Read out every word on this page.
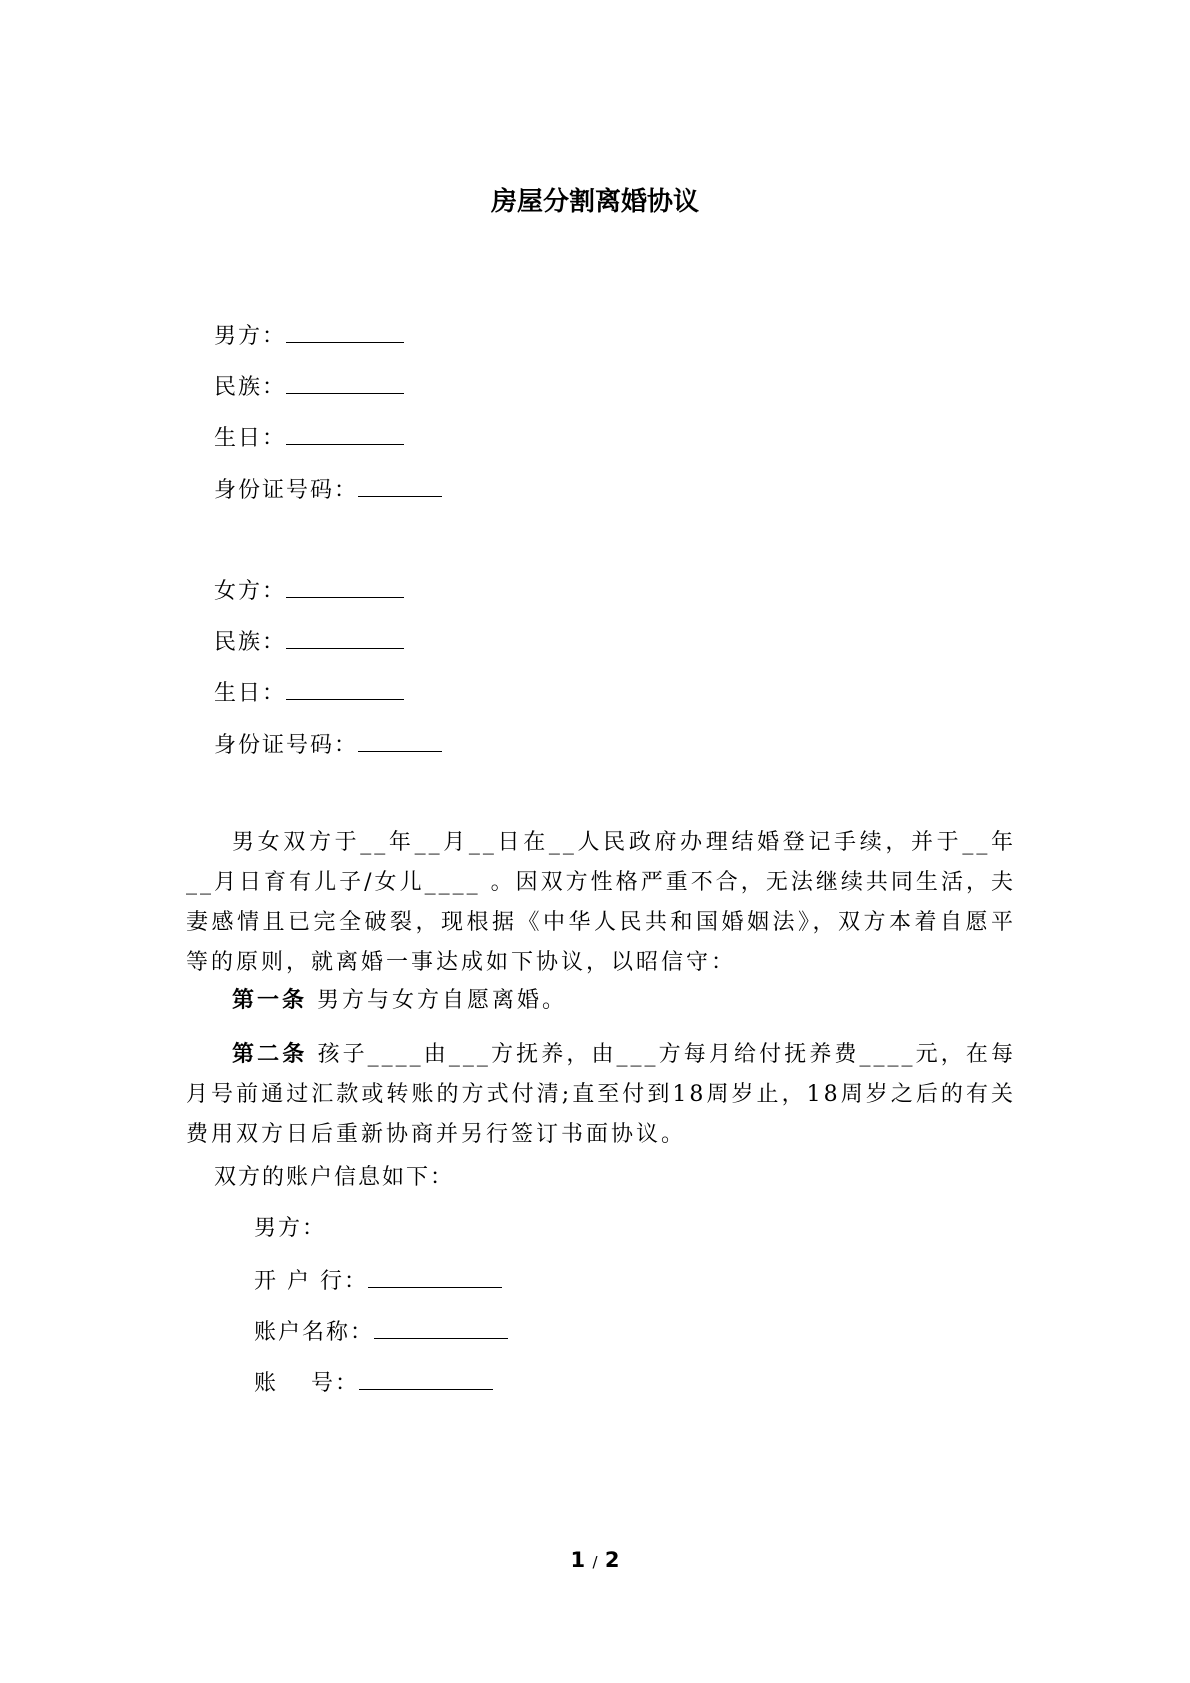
房屋分割离婚协议
男方：
民族：
生日：
身份证号码：
女方：
民族：
生日：
身份证号码：
男女双方于__年__月__日在__人民政府办理结婚登记手续，并于__年__月日育有儿子/女儿____ 。因双方性格严重不合，无法继续共同生活，夫妻感情且已完全破裂，现根据《中华人民共和国婚姻法》，双方本着自愿平等的原则，就离婚一事达成如下协议，以昭信守：
第一条 男方与女方自愿离婚。
第二条 孩子____由___方抚养，由___方每月给付抚养费____元，在每月号前通过汇款或转账的方式付清;直至付到18周岁止，18周岁之后的有关费用双方日后重新协商并另行签订书面协议。
双方的账户信息如下：
男方：
开 户 行：
账户名称：
账　 号：
1 / 2
